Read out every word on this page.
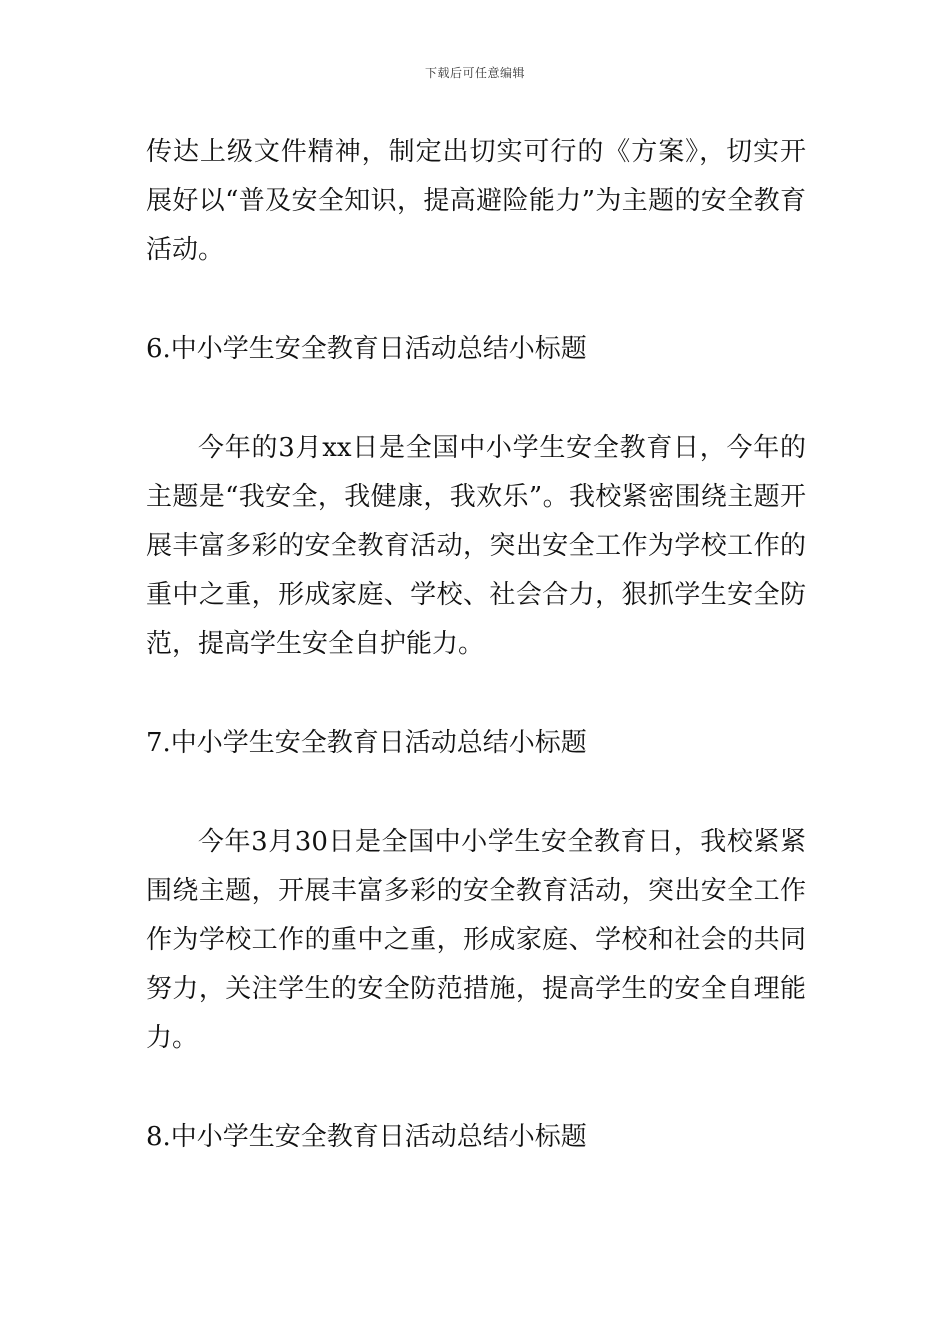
下载后可任意编辑

传达上级文件精神，制定出切实可行的《方案》，切实开展好以“普及安全知识，提高避险能力”为主题的安全教育活动。

6.中小学生安全教育日活动总结小标题

今年的3月xx日是全国中小学生安全教育日，今年的主题是“我安全，我健康，我欢乐”。我校紧密围绕主题开展丰富多彩的安全教育活动，突出安全工作为学校工作的重中之重，形成家庭、学校、社会合力，狠抓学生安全防范，提高学生安全自护能力。

7.中小学生安全教育日活动总结小标题

今年3月30日是全国中小学生安全教育日，我校紧紧围绕主题，开展丰富多彩的安全教育活动，突出安全工作作为学校工作的重中之重，形成家庭、学校和社会的共同努力，关注学生的安全防范措施，提高学生的安全自理能力。

8.中小学生安全教育日活动总结小标题
